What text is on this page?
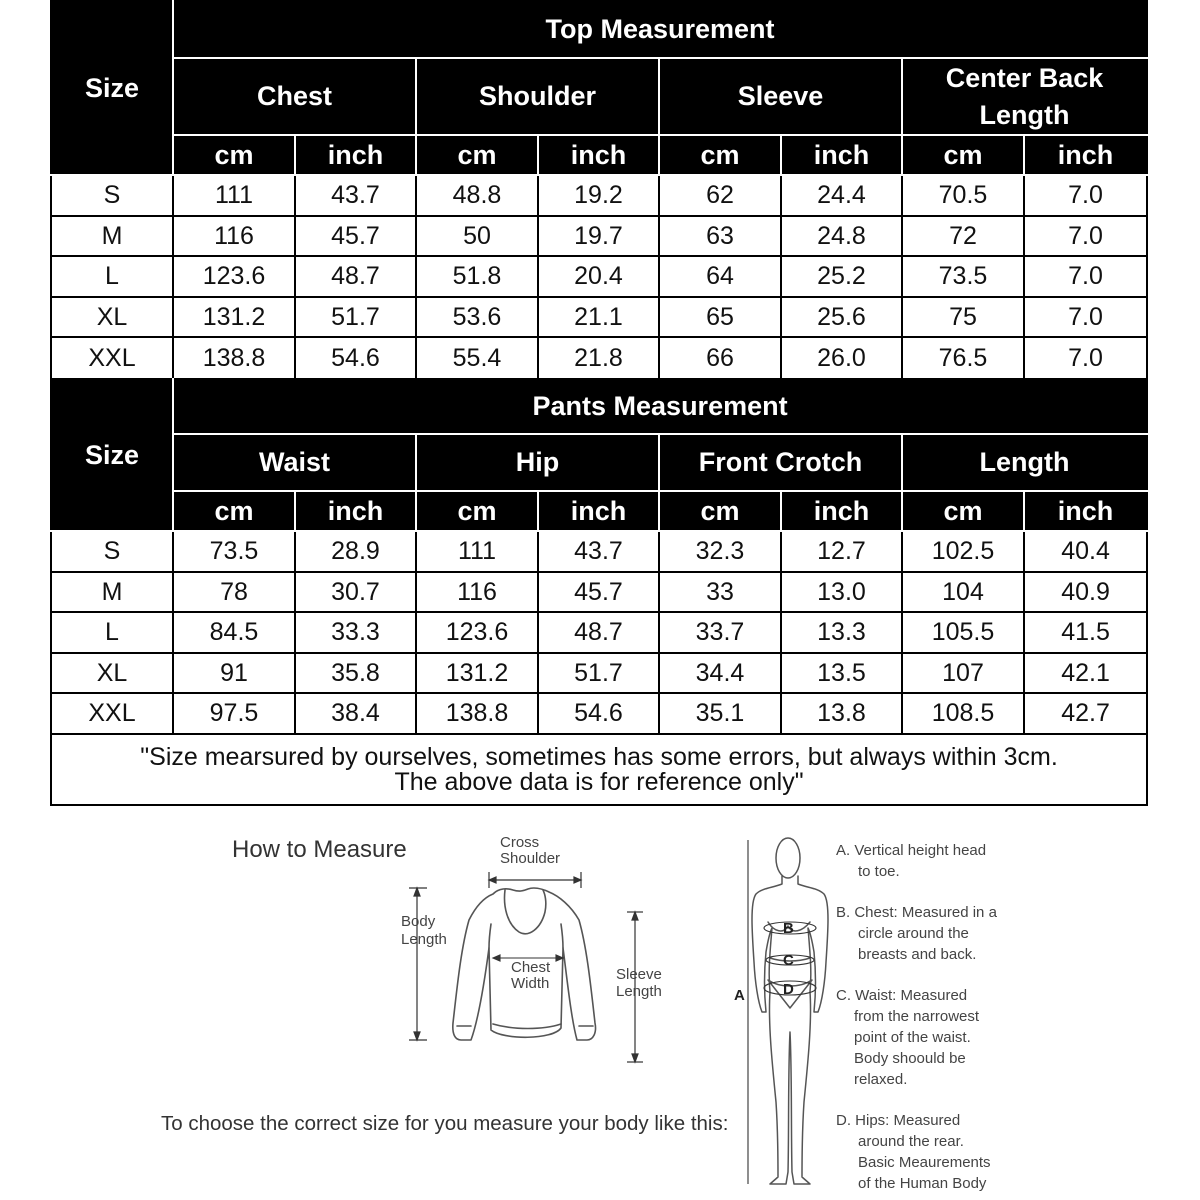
Size	Top Measurement							
	Chest		Shoulder		Sleeve		Center Back
Length	
	cm	inch	cm	inch	cm	inch	cm	inch
S	111	43.7	48.8	19.2	62	24.4	70.5	7.0
M	116	45.7	50	19.7	63	24.8	72	7.0
L	123.6	48.7	51.8	20.4	64	25.2	73.5	7.0
XL	131.2	51.7	53.6	21.1	65	25.6	75	7.0
XXL	138.8	54.6	55.4	21.8	66	26.0	76.5	7.0
Size	Pants Measurement							
	Waist		Hip		Front Crotch		Length	
	cm	inch	cm	inch	cm	inch	cm	inch
S	73.5	28.9	111	43.7	32.3	12.7	102.5	40.4
M	78	30.7	116	45.7	33	13.0	104	40.9
L	84.5	33.3	123.6	48.7	33.7	13.3	105.5	41.5
XL	91	35.8	131.2	51.7	34.4	13.5	107	42.1
XXL	97.5	38.4	138.8	54.6	35.1	13.8	108.5	42.7

"Size mearsured by ourselves, sometimes has some errors, but always within 3cm.
The above data is for reference only"								
How to Measure	Cross
Shoulder
Body
Length
Chest
Width
Sleeve
Length
To choose the correct size for you measure your body like this:
B
C
D
A
A. Vertical height head
to toe.
B. Chest: Measured in a
circle around the
breasts and back.
C. Waist: Measured
from the narrowest
point of the waist.
Body shoould be
relaxed.
D. Hips: Measured
around the rear.
Basic Meaurements
of the Human Body
